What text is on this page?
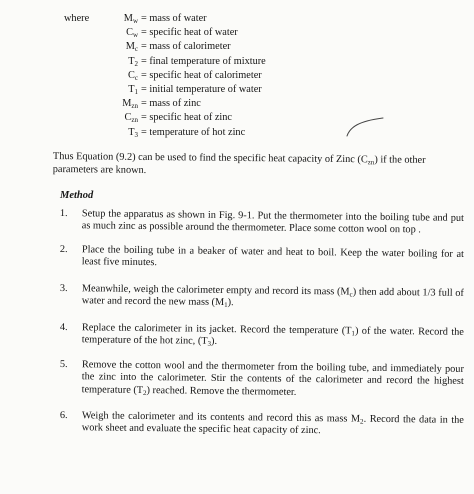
where	$M_w$ = mass of water
$C_w$ = specific heat of water
$M_c$ = mass of calorimeter
$T_2$ = final temperature of mixture
$C_c$ = specific heat of calorimeter
$T_1$ = initial temperature of water
$M_{zn}$ = mass of zinc
$C_{zn}$ = specific heat of zinc
$T_3$ = temperature of hot zinc
Thus Equation (9.2) can be used to find the specific heat capacity of Zinc $(C_{zn})$ if the other parameters are known.
Method
1.	Setup the apparatus as shown in Fig. 9-1. Put the thermometer into the boiling tube and put as much zinc as possible around the thermometer. Place some cotton wool on top .
2.	Place the boiling tube in a beaker of water and heat to boil. Keep the water boiling for at least five minutes.
3.	Meanwhile, weigh the calorimeter empty and record its mass $(M_c)$ then add about 1/3 full of water and record the new mass $(M_1)$.
4.	Replace the calorimeter in its jacket. Record the temperature $(T_1)$ of the water. Record the temperature of the hot zinc, $(T_3)$.
5.	Remove the cotton wool and the thermometer from the boiling tube, and immediately pour the zinc into the calorimeter. Stir the contents of the calorimeter and record the highest temperature $(T_2)$ reached. Remove the thermometer.
6.	Weigh the calorimeter and its contents and record this as mass $M_2$. Record the data in the work sheet and evaluate the specific heat capacity of zinc.
